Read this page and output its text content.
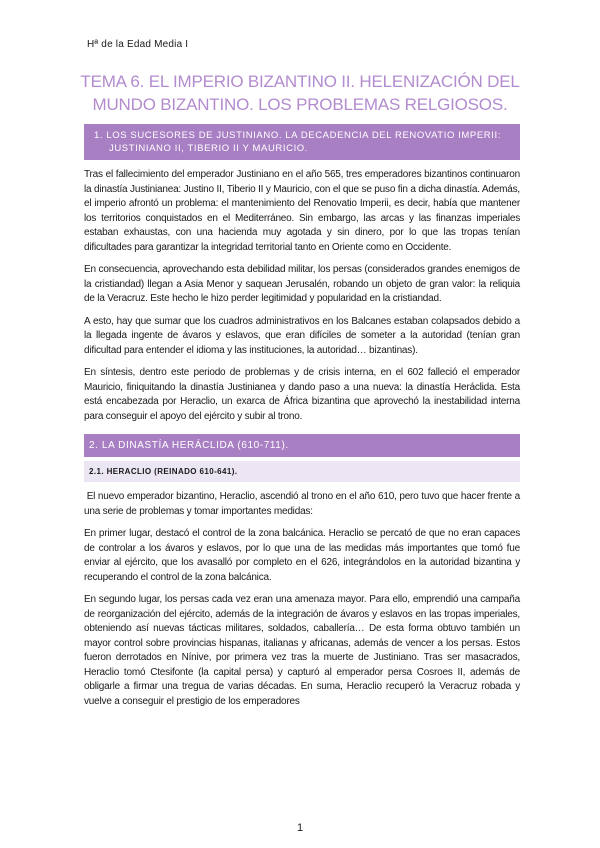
Hª de la Edad Media I
TEMA 6. EL IMPERIO BIZANTINO II. HELENIZACIÓN DEL
MUNDO BIZANTINO. LOS PROBLEMAS RELGIOSOS.
1. LOS SUCESORES DE JUSTINIANO. LA DECADENCIA DEL RENOVATIO IMPERII:
JUSTINIANO II, TIBERIO II Y MAURICIO.

Tras el fallecimiento del emperador Justiniano en el año 565, tres emperadores bizantinos continuaron la dinastía Justinianea: Justino II, Tiberio II y Mauricio, con el que se puso fin a dicha dinastía. Además, el imperio afrontó un problema: el mantenimiento del Renovatio Imperii, es decir, había que mantener los territorios conquistados en el Mediterráneo. Sin embargo, las arcas y las finanzas imperiales estaban exhaustas, con una hacienda muy agotada y sin dinero, por lo que las tropas tenían dificultades para garantizar la integridad territorial tanto en Oriente como en Occidente.

En consecuencia, aprovechando esta debilidad militar, los persas (considerados grandes enemigos de la cristiandad) llegan a Asia Menor y saquean Jerusalén, robando un objeto de gran valor: la reliquia de la Veracruz. Este hecho le hizo perder legitimidad y popularidad en la cristiandad.

A esto, hay que sumar que los cuadros administrativos en los Balcanes estaban colapsados debido a la llegada ingente de ávaros y eslavos, que eran difíciles de someter a la autoridad (tenían gran dificultad para entender el idioma y las instituciones, la autoridad… bizantinas).

En síntesis, dentro este periodo de problemas y de crisis interna, en el 602 falleció el emperador Mauricio, finiquitando la dinastía Justinianea y dando paso a una nueva: la dinastía Heráclida. Esta está encabezada por Heraclio, un exarca de África bizantina que aprovechó la inestabilidad interna para conseguir el apoyo del ejército y subir al trono.

2. LA DINASTÍA HERÁCLIDA (610-711).
2.1. HERACLIO (REINADO 610-641).

El nuevo emperador bizantino, Heraclio, ascendió al trono en el año 610, pero tuvo que hacer frente a una serie de problemas y tomar importantes medidas:

En primer lugar, destacó el control de la zona balcánica. Heraclio se percató de que no eran capaces de controlar a los ávaros y eslavos, por lo que una de las medidas más importantes que tomó fue enviar al ejército, que los avasalló por completo en el 626, integrándolos en la autoridad bizantina y recuperando el control de la zona balcánica.

En segundo lugar, los persas cada vez eran una amenaza mayor. Para ello, emprendió una campaña de reorganización del ejército, además de la integración de ávaros y eslavos en las tropas imperiales, obteniendo así nuevas tácticas militares, soldados, caballería… De esta forma obtuvo también un mayor control sobre provincias hispanas, italianas y africanas, además de vencer a los persas. Estos fueron derrotados en Nínive, por primera vez tras la muerte de Justiniano. Tras ser masacrados, Heraclio tomó Ctesifonte (la capital persa) y capturó al emperador persa Cosroes II, además de obligarle a firmar una tregua de varias décadas. En suma, Heraclio recuperó la Veracruz robada y vuelve a conseguir el prestigio de los emperadores

1
